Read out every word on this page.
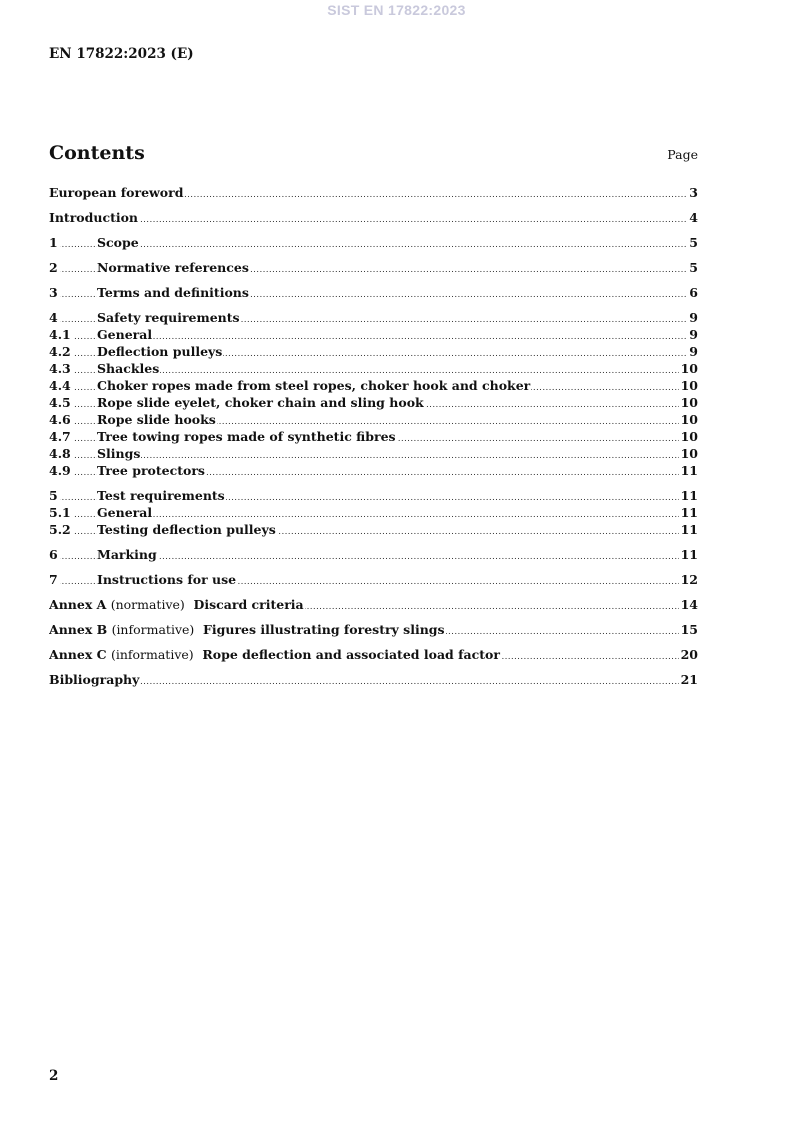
SIST EN 17822:2023
EN 17822:2023 (E)
Contents	Page
.....
European foreword	3
.....
Introduction	4
.....
1	Scope	5
.....
2	Normative references	5
.....
3	Terms and definitions	6
.....
4	Safety requirements	9
.....
4.1 General	9
.....
4.2 Deflection pulleys	9
.....
4.3 Shackles	10
.....
4.4 Choker ropes made from steel ropes, choker hook and choker	10
.....
4.5 Rope slide eyelet, choker chain and sling hook	10
.....
4.6 Rope slide hooks	10
.....
4.7 Tree towing ropes made of synthetic fibres	10
.....
4.8 Slings	10
.....
4.9 Tree protectors	11
.....
5	Test requirements	11
.....
5.1 General	11
.....
5.2 Testing deflection pulleys	11
.....
6	Marking	11
.....
7	Instructions for use	12
.....
Annex A (normative) Discard criteria	14
.....
Annex B (informative) Figures illustrating forestry slings	15
.....
Annex C (informative) Rope deflection and associated load factor	20
.....
Bibliography	21
2
